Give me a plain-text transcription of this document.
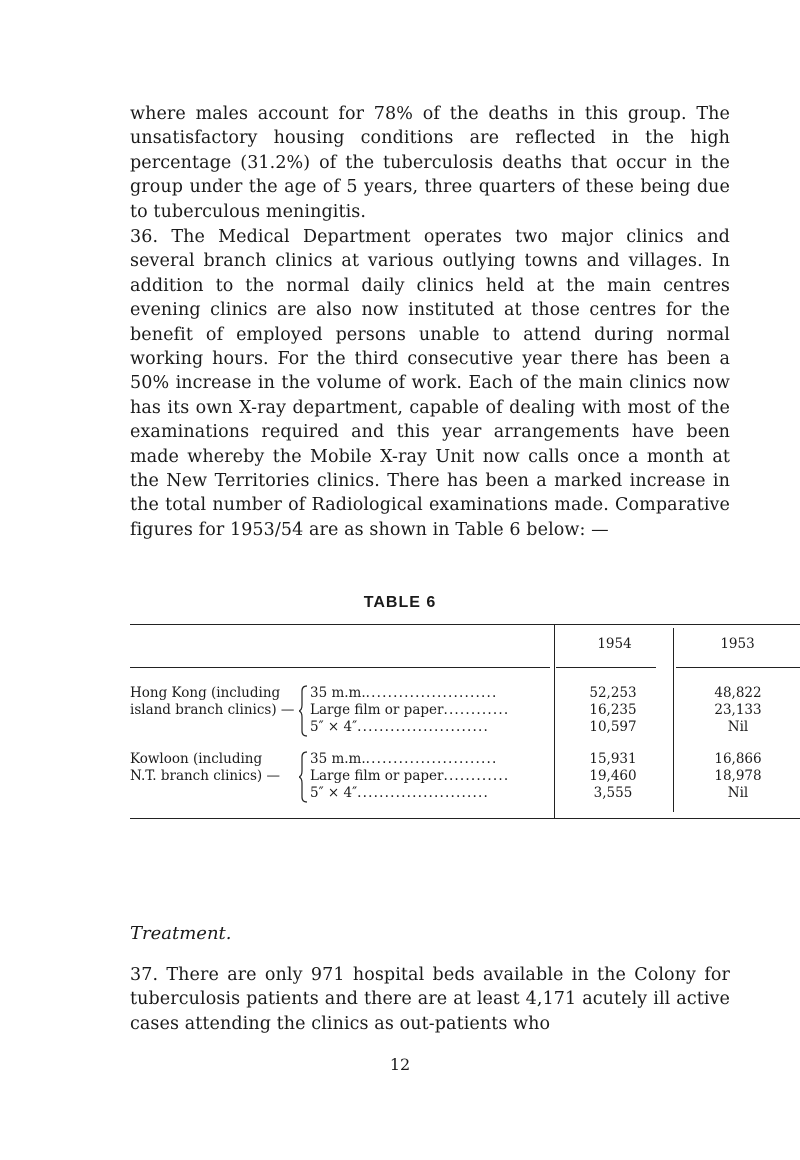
where males account for 78% of the deaths in this group. The unsatisfactory housing conditions are reflected in the high percentage (31.2%) of the tuberculosis deaths that occur in the group under the age of 5 years, three quarters of these being due to tuberculous meningitis.

36. The Medical Department operates two major clinics and several branch clinics at various outlying towns and villages. In addition to the normal daily clinics held at the main centres evening clinics are also now instituted at those centres for the benefit of employed persons unable to attend during normal working hours. For the third consecutive year there has been a 50% increase in the volume of work. Each of the main clinics now has its own X-ray department, capable of dealing with most of the examinations required and this year arrangements have been made whereby the Mobile X-ray Unit now calls once a month at the New Territories clinics. There has been a marked increase in the total number of Radiological examinations made. Comparative figures for 1953/54 are as shown in Table 6 below: —

TABLE 6
1954	1953
Hong Kong (including
island branch clinics) —
35 m.m.........................
Large film or paper............
5″ × 4″........................
52,253
16,235
10,597
48,822
23,133
Nil
Kowloon (including
N.T. branch clinics) —
35 m.m.........................
Large film or paper............
5″ × 4″........................
15,931
19,460
3,555
16,866
18,978
Nil

Treatment.

37. There are only 971 hospital beds available in the Colony for tuberculosis patients and there are at least 4,171 acutely ill active cases attending the clinics as out-patients who

12
